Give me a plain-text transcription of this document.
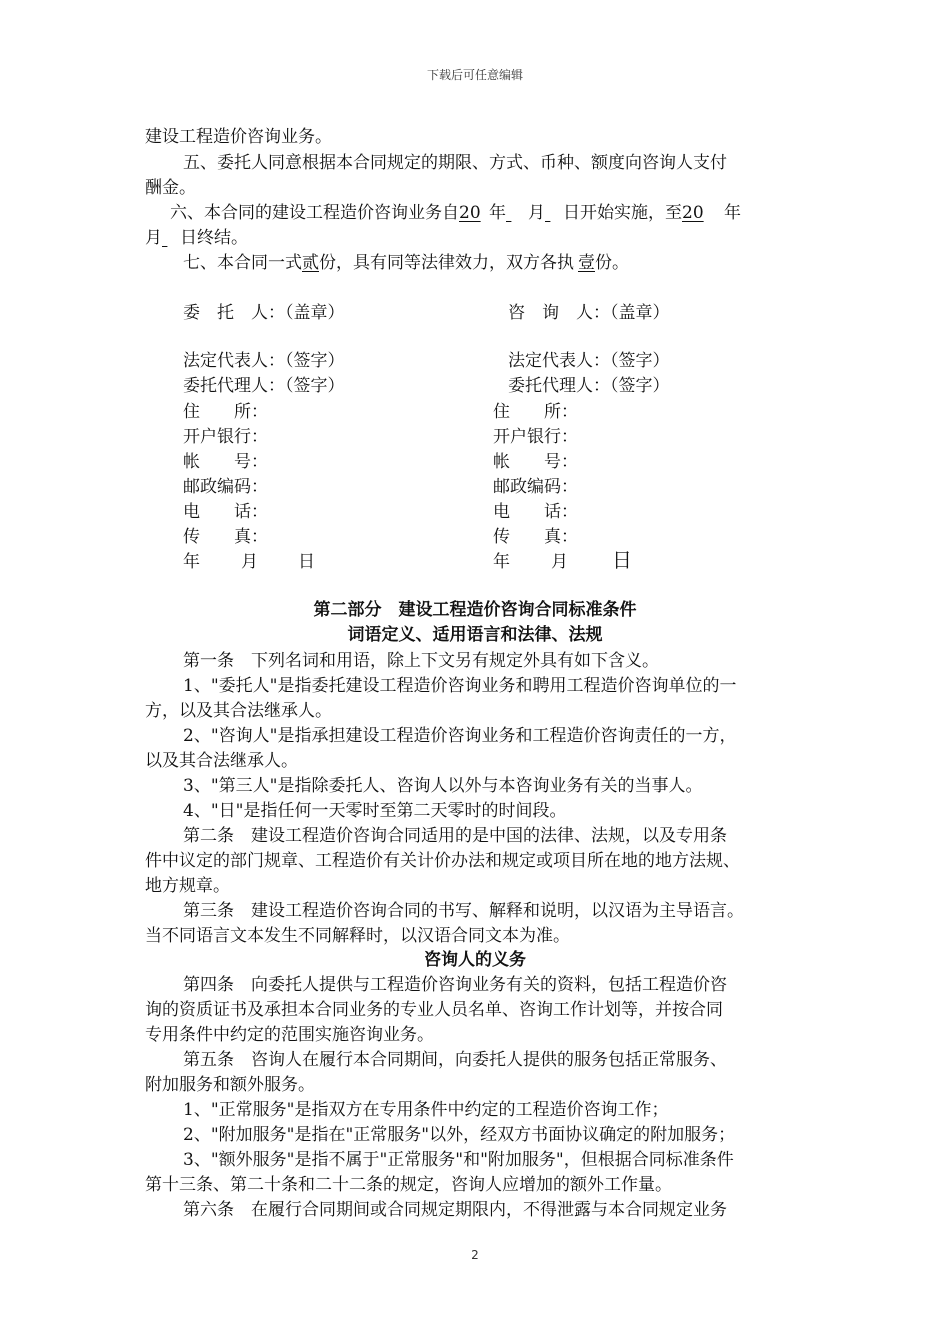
下载后可任意编辑
建设工程造价咨询业务。
五、委托人同意根据本合同规定的期限、方式、币种、额度向咨询人支付
酬金。
六、本合同的建设工程造价咨询业务自20 年 月 日开始实施，至20 年
月 日终结。
七、本合同一式贰份，具有同等法律效力，双方各执 壹份。
委　托　人：（盖章）
法定代表人：（签字）
委托代理人：（签字）
住　　所：
开户银行：
帐　　号：
邮政编码：
电　　话：
传　　真：
年 月 日
咨　询　人：（盖章）
法定代表人：（签字）
委托代理人：（签字）
住　　所：
开户银行：
帐　　号：
邮政编码：
电　　话：
传　　真：
年 月 日
第二部分　建设工程造价咨询合同标准条件
词语定义、适用语言和法律、法规
第一条　下列名词和用语，除上下文另有规定外具有如下含义。
1、"委托人"是指委托建设工程造价咨询业务和聘用工程造价咨询单位的一
方，以及其合法继承人。
2、"咨询人"是指承担建设工程造价咨询业务和工程造价咨询责任的一方，
以及其合法继承人。
3、"第三人"是指除委托人、咨询人以外与本咨询业务有关的当事人。
4、"日"是指任何一天零时至第二天零时的时间段。
第二条　建设工程造价咨询合同适用的是中国的法律、法规，以及专用条
件中议定的部门规章、工程造价有关计价办法和规定或项目所在地的地方法规、
地方规章。
第三条　建设工程造价咨询合同的书写、解释和说明，以汉语为主导语言。
当不同语言文本发生不同解释时，以汉语合同文本为准。
咨询人的义务
第四条　向委托人提供与工程造价咨询业务有关的资料，包括工程造价咨
询的资质证书及承担本合同业务的专业人员名单、咨询工作计划等，并按合同
专用条件中约定的范围实施咨询业务。
第五条　咨询人在履行本合同期间，向委托人提供的服务包括正常服务、
附加服务和额外服务。
1、"正常服务"是指双方在专用条件中约定的工程造价咨询工作；
2、"附加服务"是指在"正常服务"以外，经双方书面协议确定的附加服务；
3、"额外服务"是指不属于"正常服务"和"附加服务"，但根据合同标准条件
第十三条、第二十条和二十二条的规定，咨询人应增加的额外工作量。
第六条　在履行合同期间或合同规定期限内，不得泄露与本合同规定业务
2
